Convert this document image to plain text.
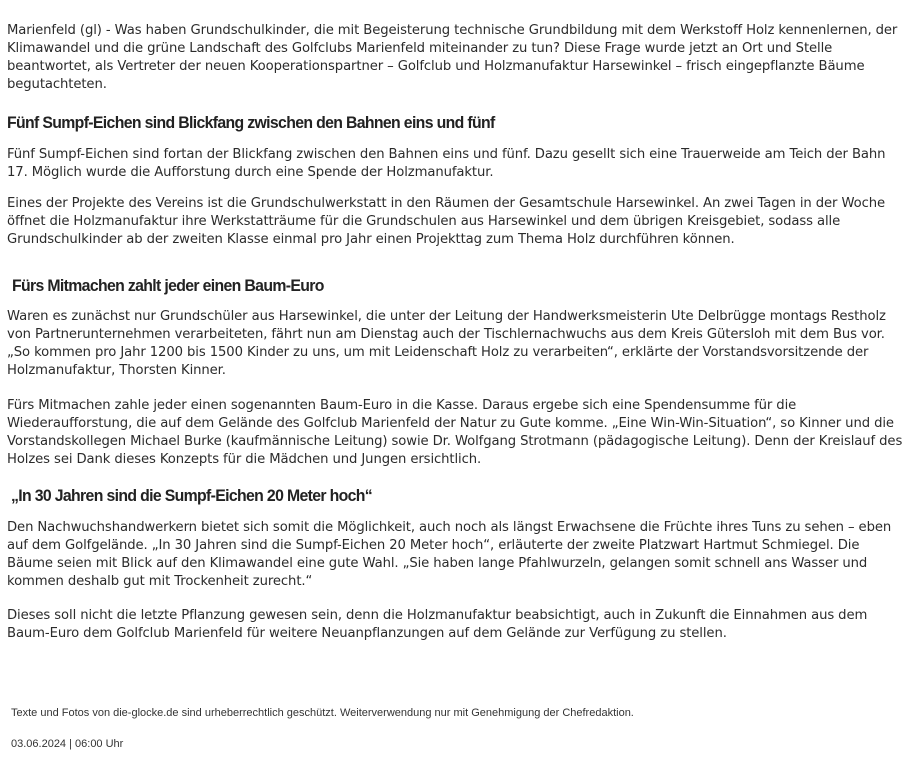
Marienfeld (gl) - Was haben Grundschulkinder, die mit Begeisterung technische Grundbildung mit dem Werkstoff Holz kennenlernen, der Klimawandel und die grüne Landschaft des Golfclubs Marienfeld miteinander zu tun? Diese Frage wurde jetzt an Ort und Stelle beantwortet, als Vertreter der neuen Kooperationspartner – Golfclub und Holzmanufaktur Harsewinkel – frisch eingepflanzte Bäume begutachteten.

Fünf Sumpf-Eichen sind Blickfang zwischen den Bahnen eins und fünf

Fünf Sumpf-Eichen sind fortan der Blickfang zwischen den Bahnen eins und fünf. Dazu gesellt sich eine Trauerweide am Teich der Bahn 17. Möglich wurde die Aufforstung durch eine Spende der Holzmanufaktur.

Eines der Projekte des Vereins ist die Grundschulwerkstatt in den Räumen der Gesamtschule Harsewinkel. An zwei Tagen in der Woche öffnet die Holzmanufaktur ihre Werkstatträume für die Grundschulen aus Harsewinkel und dem übrigen Kreisgebiet, sodass alle Grundschulkinder ab der zweiten Klasse einmal pro Jahr einen Projekttag zum Thema Holz durchführen können.

Fürs Mitmachen zahlt jeder einen Baum-Euro

Waren es zunächst nur Grundschüler aus Harsewinkel, die unter der Leitung der Handwerksmeisterin Ute Delbrügge montags Restholz von Partnerunternehmen verarbeiteten, fährt nun am Dienstag auch der Tischlernachwuchs aus dem Kreis Gütersloh mit dem Bus vor. „So kommen pro Jahr 1200 bis 1500 Kinder zu uns, um mit Leidenschaft Holz zu verarbeiten“, erklärte der Vorstandsvorsitzende der Holzmanufaktur, Thorsten Kinner.

Fürs Mitmachen zahle jeder einen sogenannten Baum-Euro in die Kasse. Daraus ergebe sich eine Spendensumme für die Wiederaufforstung, die auf dem Gelände des Golfclub Marienfeld der Natur zu Gute komme. „Eine Win-Win-Situation“, so Kinner und die Vorstandskollegen Michael Burke (kaufmännische Leitung) sowie Dr. Wolfgang Strotmann (pädagogische Leitung). Denn der Kreislauf des Holzes sei Dank dieses Konzepts für die Mädchen und Jungen ersichtlich.

„In 30 Jahren sind die Sumpf-Eichen 20 Meter hoch“

Den Nachwuchshandwerkern bietet sich somit die Möglichkeit, auch noch als längst Erwachsene die Früchte ihres Tuns zu sehen – eben auf dem Golfgelände. „In 30 Jahren sind die Sumpf-Eichen 20 Meter hoch“, erläuterte der zweite Platzwart Hartmut Schmiegel. Die Bäume seien mit Blick auf den Klimawandel eine gute Wahl. „Sie haben lange Pfahlwurzeln, gelangen somit schnell ans Wasser und kommen deshalb gut mit Trockenheit zurecht.“

Dieses soll nicht die letzte Pflanzung gewesen sein, denn die Holzmanufaktur beabsichtigt, auch in Zukunft die Einnahmen aus dem Baum-Euro dem Golfclub Marienfeld für weitere Neuanpflanzungen auf dem Gelände zur Verfügung zu stellen.

Texte und Fotos von die-glocke.de sind urheberrechtlich geschützt. Weiterverwendung nur mit Genehmigung der Chefredaktion.

03.06.2024 | 06:00 Uhr
